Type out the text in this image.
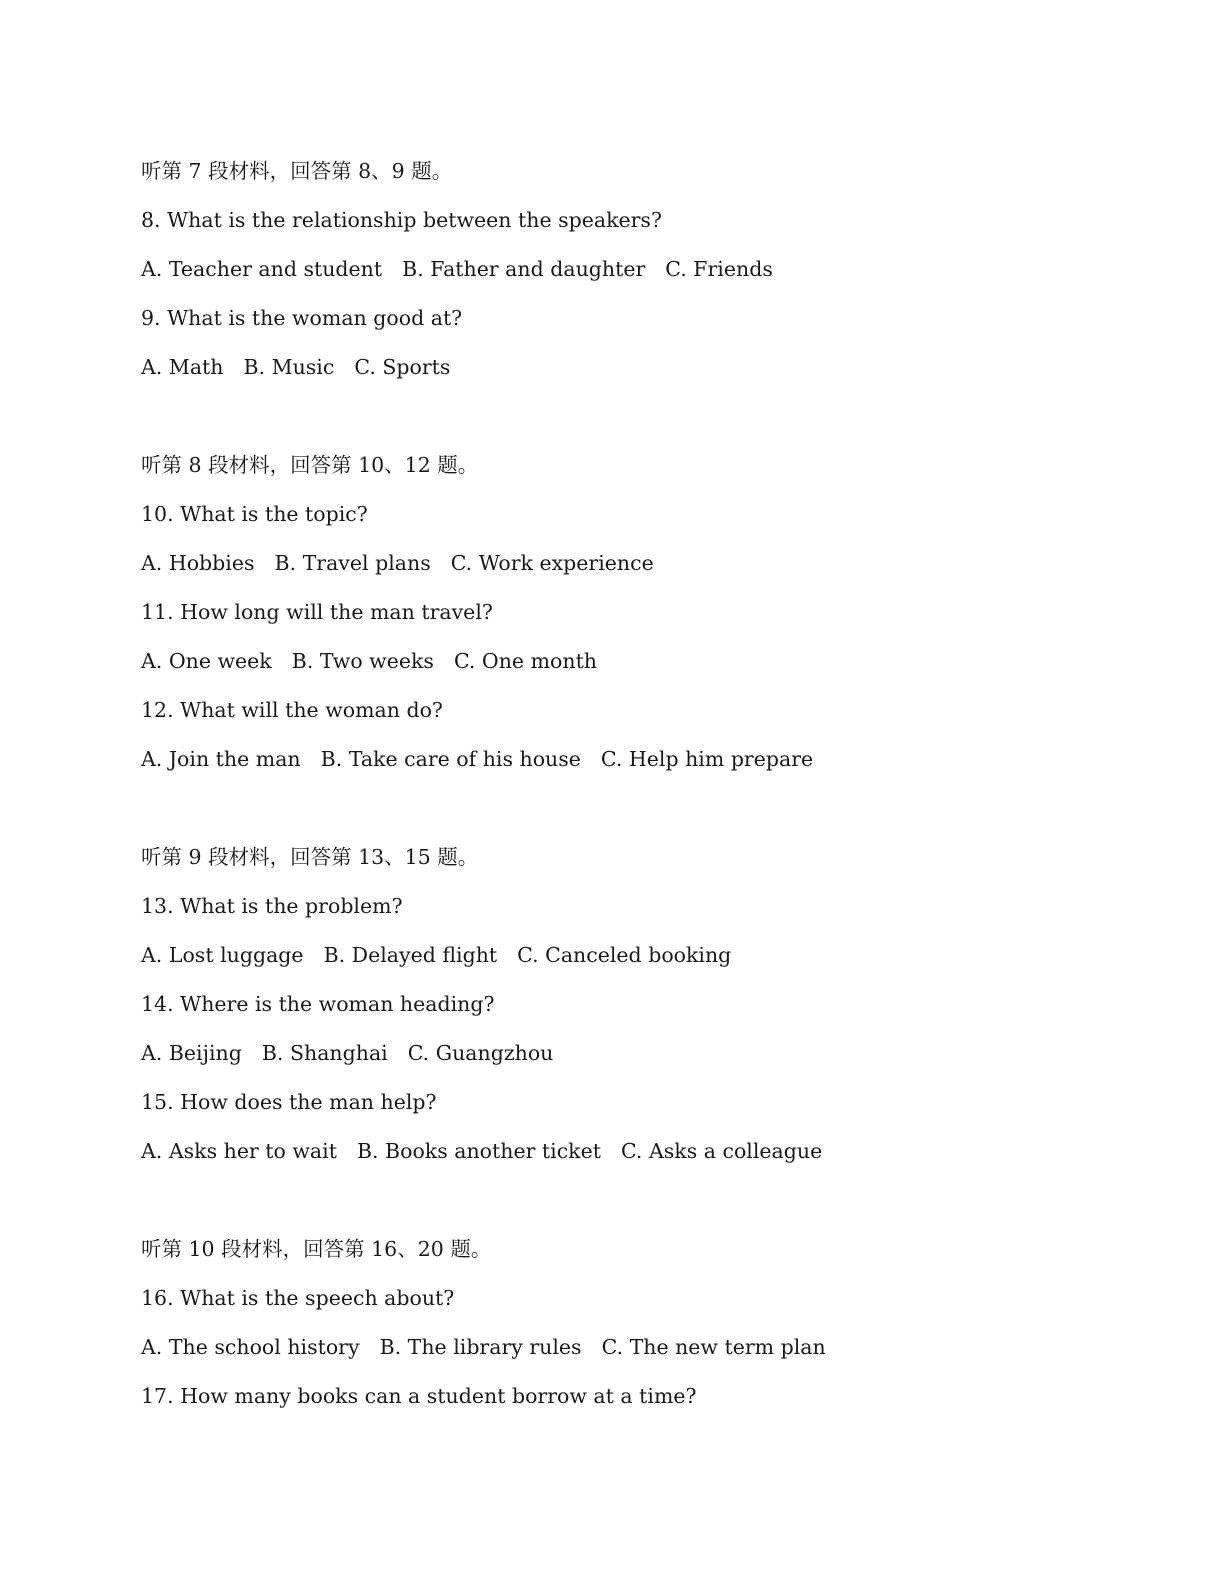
听第 7 段材料，回答第 8、9 题。

8. What is the relationship between the speakers?

A. Teacher and student B. Father and daughter C. Friends

9. What is the woman good at?

A. Math B. Music C. Sports

听第 8 段材料，回答第 10、12 题。

10. What is the topic?

A. Hobbies B. Travel plans C. Work experience

11. How long will the man travel?

A. One week B. Two weeks C. One month

12. What will the woman do?

A. Join the man B. Take care of his house C. Help him prepare

听第 9 段材料，回答第 13、15 题。

13. What is the problem?

A. Lost luggage B. Delayed flight C. Canceled booking

14. Where is the woman heading?

A. Beijing B. Shanghai C. Guangzhou

15. How does the man help?

A. Asks her to wait B. Books another ticket C. Asks a colleague

听第 10 段材料，回答第 16、20 题。

16. What is the speech about?

A. The school history B. The library rules C. The new term plan

17. How many books can a student borrow at a time?
